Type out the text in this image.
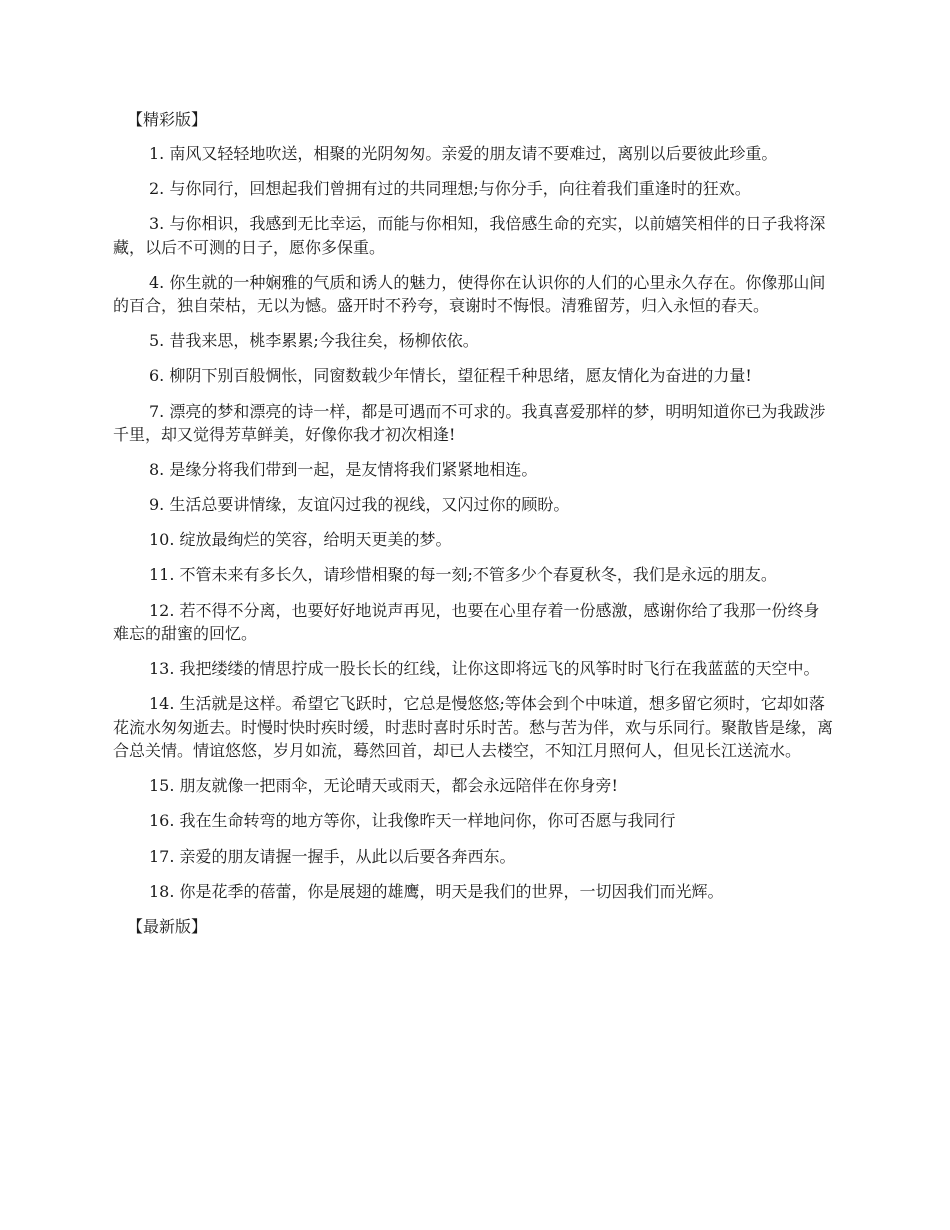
【精彩版】

1. 南风又轻轻地吹送，相聚的光阴匆匆。亲爱的朋友请不要难过，离别以后要彼此珍重。

2. 与你同行，回想起我们曾拥有过的共同理想;与你分手，向往着我们重逢时的狂欢。

3. 与你相识，我感到无比幸运，而能与你相知，我倍感生命的充实，以前嬉笑相伴的日子我将深藏，以后不可测的日子，愿你多保重。

4. 你生就的一种娴雅的气质和诱人的魅力，使得你在认识你的人们的心里永久存在。你像那山间的百合，独自荣枯，无以为憾。盛开时不矜夸，衰谢时不悔恨。清雅留芳，归入永恒的春天。

5. 昔我来思，桃李累累;今我往矣，杨柳依依。

6. 柳阴下别百般惆怅，同窗数载少年情长，望征程千种思绪，愿友情化为奋进的力量!

7. 漂亮的梦和漂亮的诗一样，都是可遇而不可求的。我真喜爱那样的梦，明明知道你已为我跋涉千里，却又觉得芳草鲜美，好像你我才初次相逢!

8. 是缘分将我们带到一起，是友情将我们紧紧地相连。

9. 生活总要讲情缘，友谊闪过我的视线，又闪过你的顾盼。

10. 绽放最绚烂的笑容，给明天更美的梦。

11. 不管未来有多长久，请珍惜相聚的每一刻;不管多少个春夏秋冬，我们是永远的朋友。

12. 若不得不分离，也要好好地说声再见，也要在心里存着一份感激，感谢你给了我那一份终身难忘的甜蜜的回忆。

13. 我把缕缕的情思拧成一股长长的红线，让你这即将远飞的风筝时时飞行在我蓝蓝的天空中。

14. 生活就是这样。希望它飞跃时，它总是慢悠悠;等体会到个中味道，想多留它须时，它却如落花流水匆匆逝去。时慢时快时疾时缓，时悲时喜时乐时苦。愁与苦为伴，欢与乐同行。聚散皆是缘，离合总关情。情谊悠悠，岁月如流，蓦然回首，却已人去楼空，不知江月照何人，但见长江送流水。

15. 朋友就像一把雨伞，无论晴天或雨天，都会永远陪伴在你身旁!

16. 我在生命转弯的地方等你，让我像昨天一样地问你，你可否愿与我同行

17. 亲爱的朋友请握一握手，从此以后要各奔西东。

18. 你是花季的蓓蕾，你是展翅的雄鹰，明天是我们的世界，一切因我们而光辉。

【最新版】
